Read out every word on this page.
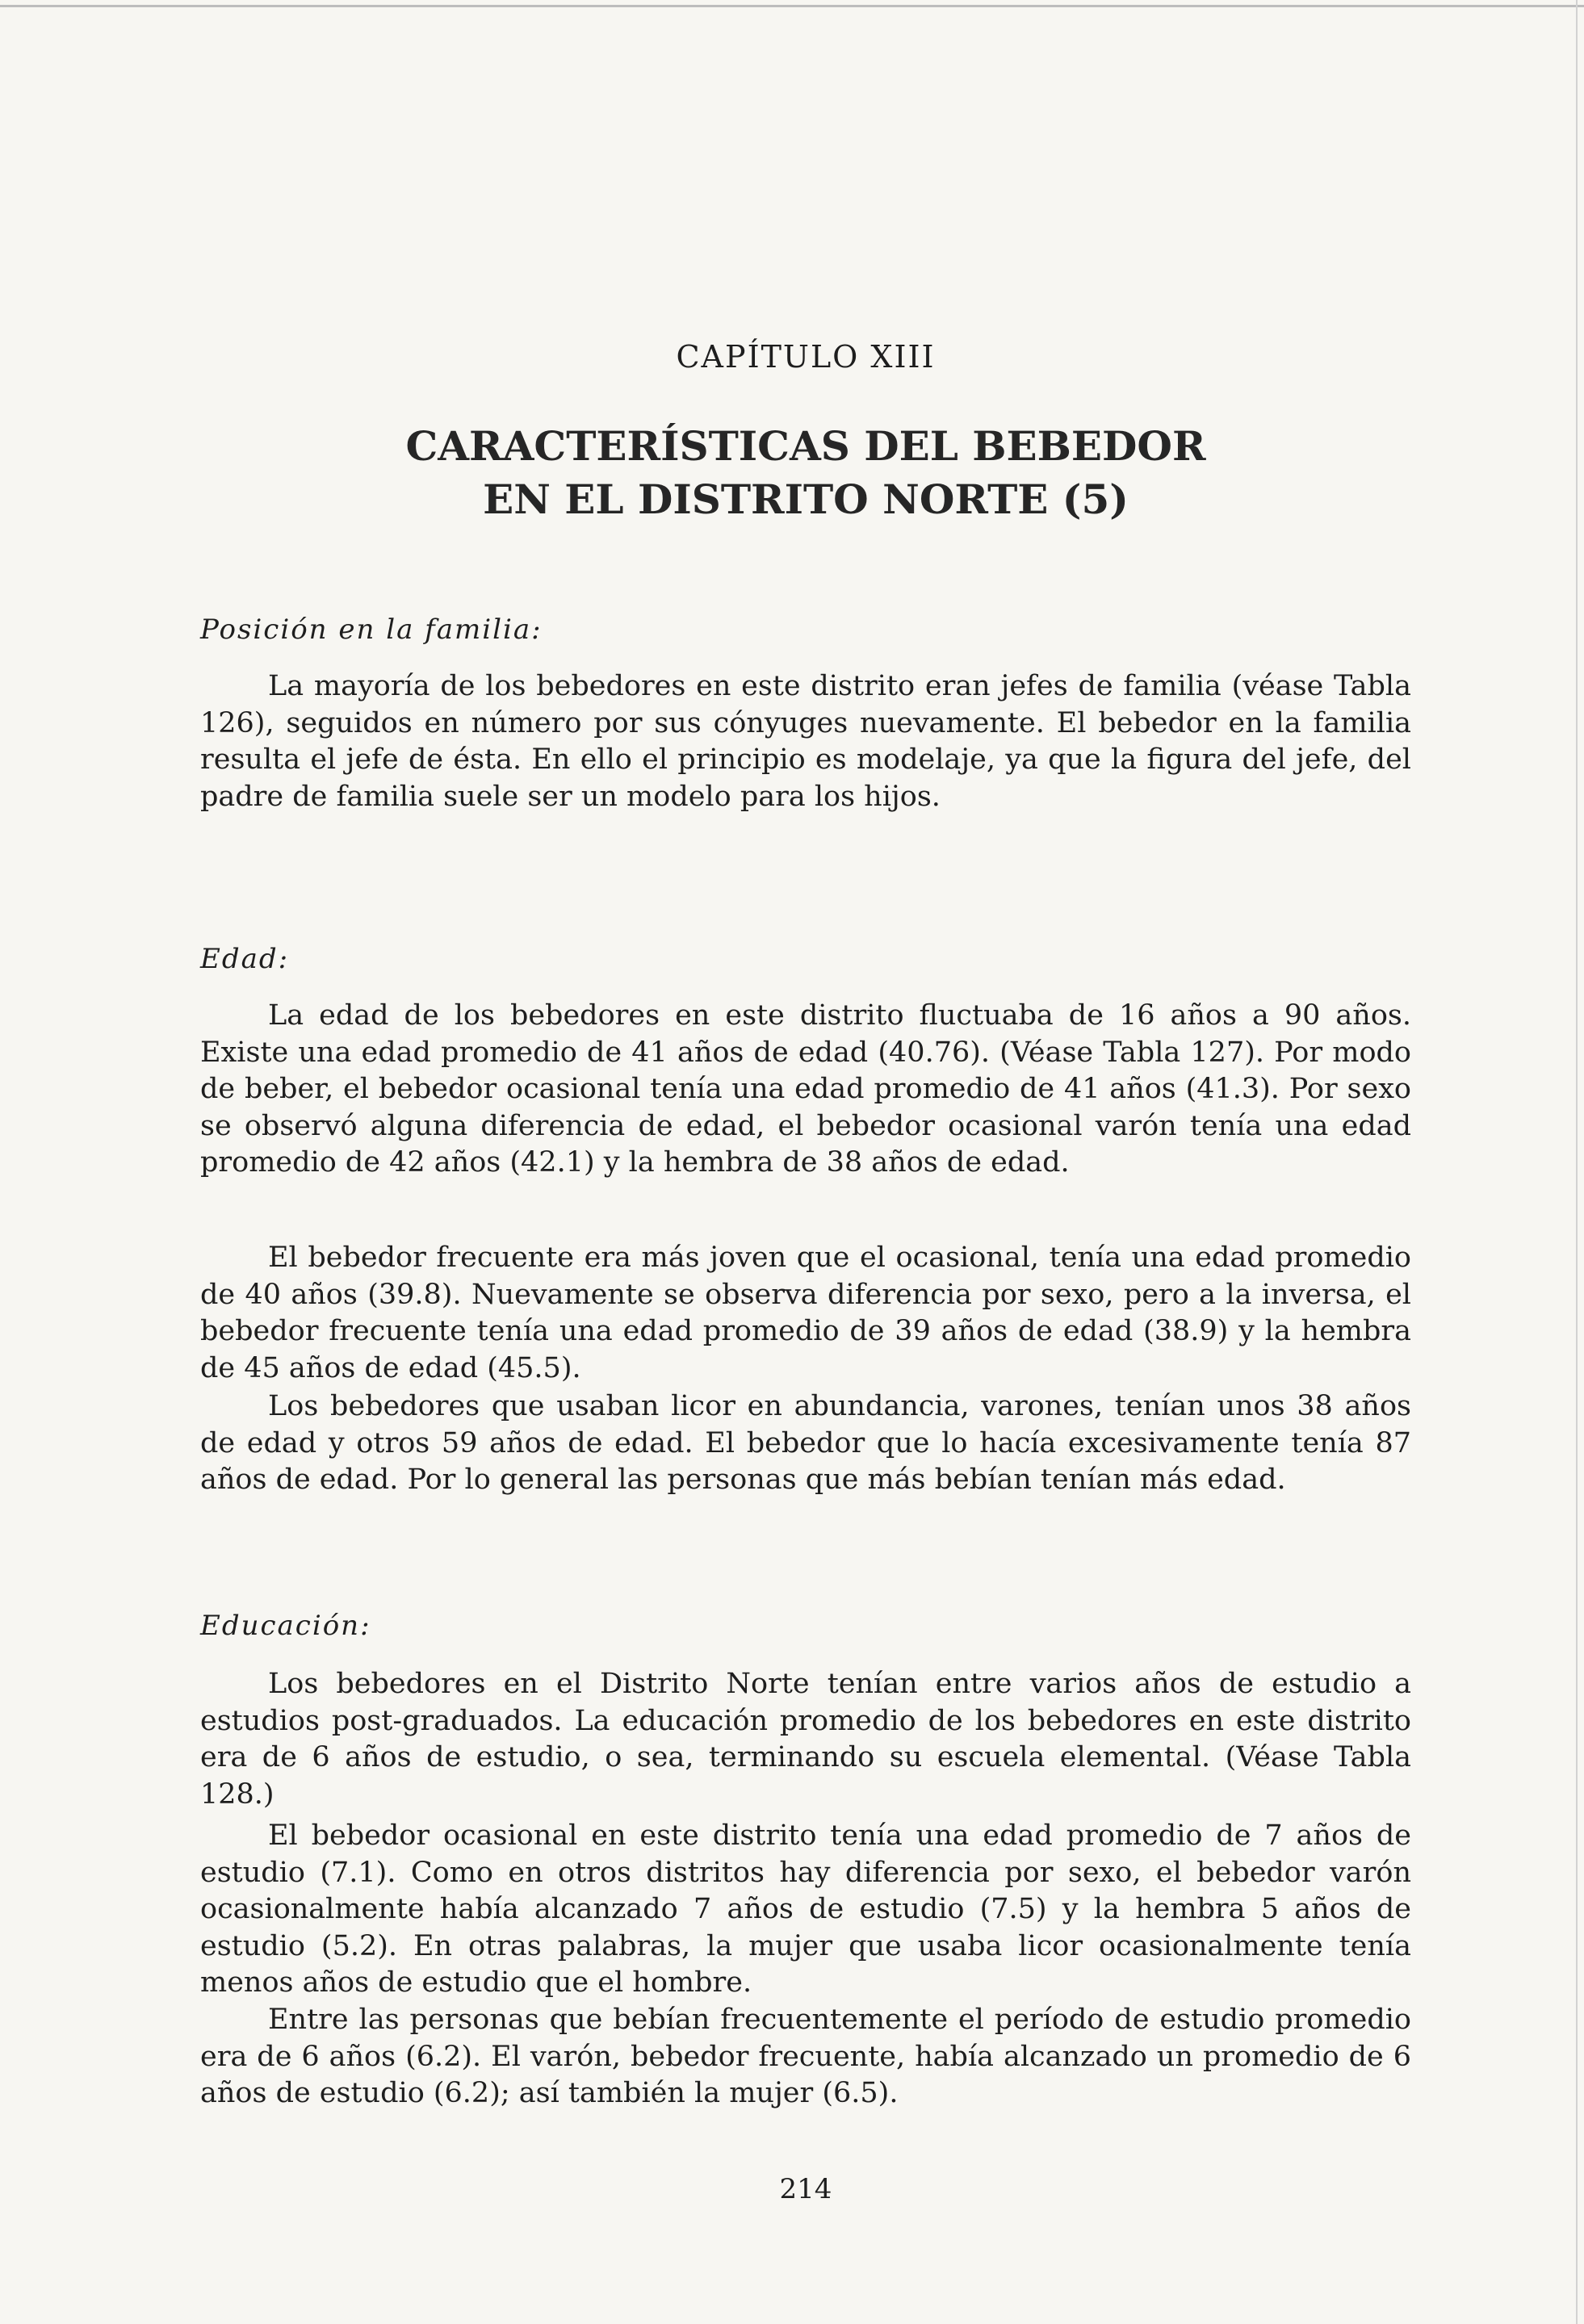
CAPÍTULO XIII
CARACTERÍSTICAS DEL BEBEDOR
EN EL DISTRITO NORTE (5)
Posición en la familia:

La mayoría de los bebedores en este distrito eran jefes de familia (véase Tabla 126), seguidos en número por sus cónyuges nuevamente. El bebedor en la familia resulta el jefe de ésta. En ello el principio es modelaje, ya que la figura del jefe, del padre de familia suele ser un modelo para los hijos.

Edad:

La edad de los bebedores en este distrito fluctuaba de 16 años a 90 años. Existe una edad promedio de 41 años de edad (40.76). (Véase Tabla 127). Por modo de beber, el bebedor ocasional tenía una edad promedio de 41 años (41.3). Por sexo se observó alguna diferencia de edad, el bebedor ocasional varón tenía una edad promedio de 42 años (42.1) y la hembra de 38 años de edad.

El bebedor frecuente era más joven que el ocasional, tenía una edad promedio de 40 años (39.8). Nuevamente se observa diferencia por sexo, pero a la inversa, el bebedor frecuente tenía una edad promedio de 39 años de edad (38.9) y la hembra de 45 años de edad (45.5).

Los bebedores que usaban licor en abundancia, varones, tenían unos 38 años de edad y otros 59 años de edad. El bebedor que lo hacía excesivamente tenía 87 años de edad. Por lo general las personas que más bebían tenían más edad.

Educación:

Los bebedores en el Distrito Norte tenían entre varios años de estudio a estudios post-graduados. La educación promedio de los bebedores en este distrito era de 6 años de estudio, o sea, terminando su escuela elemental. (Véase Tabla 128.)

El bebedor ocasional en este distrito tenía una edad promedio de 7 años de estudio (7.1). Como en otros distritos hay diferencia por sexo, el bebedor varón ocasionalmente había alcanzado 7 años de estudio (7.5) y la hembra 5 años de estudio (5.2). En otras palabras, la mujer que usaba licor ocasionalmente tenía menos años de estudio que el hombre.

Entre las personas que bebían frecuentemente el período de estudio promedio era de 6 años (6.2). El varón, bebedor frecuente, había alcanzado un promedio de 6 años de estudio (6.2); así también la mujer (6.5).

214
